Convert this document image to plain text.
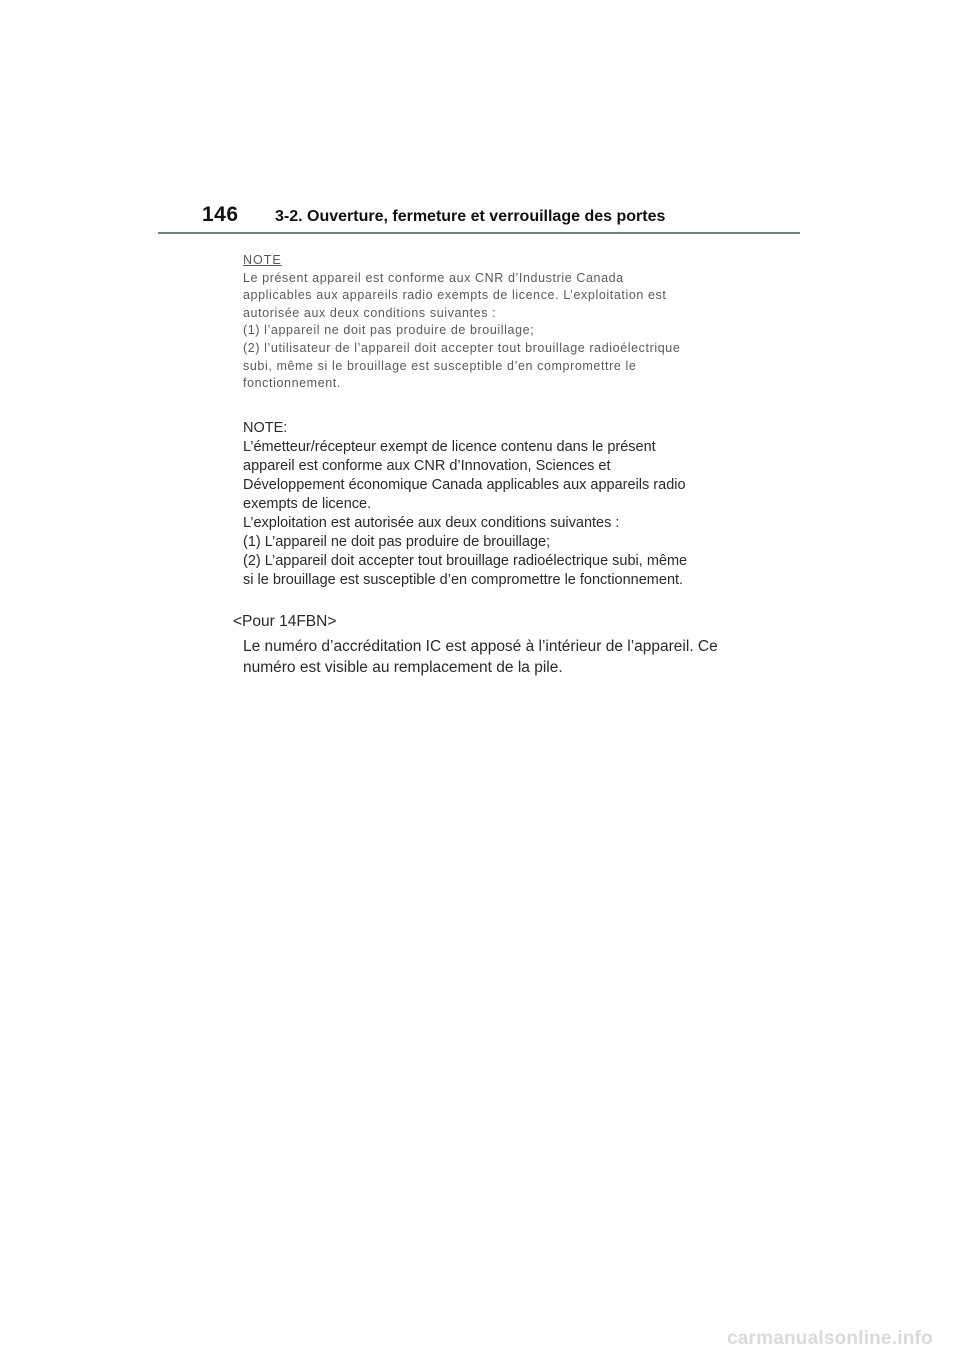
146 3-2. Ouverture, fermeture et verrouillage des portes
NOTE
Le présent appareil est conforme aux CNR d’Industrie Canada
applicables aux appareils radio exempts de licence. L’exploitation est
autorisée aux deux conditions suivantes :
(1) l’appareil ne doit pas produire de brouillage;
(2) l’utilisateur de l’appareil doit accepter tout brouillage radioélectrique
subi, même si le brouillage est susceptible d’en compromettre le
fonctionnement.
NOTE:
L’émetteur/récepteur exempt de licence contenu dans le présent
appareil est conforme aux CNR d’Innovation, Sciences et
Développement économique Canada applicables aux appareils radio
exempts de licence.
L’exploitation est autorisée aux deux conditions suivantes :
(1) L’appareil ne doit pas produire de brouillage;
(2) L’appareil doit accepter tout brouillage radioélectrique subi, même
si le brouillage est susceptible d’en compromettre le fonctionnement.
<Pour 14FBN>
Le numéro d’accréditation IC est apposé à l’intérieur de l’appareil. Ce
numéro est visible au remplacement de la pile.
carmanualsonline.info
